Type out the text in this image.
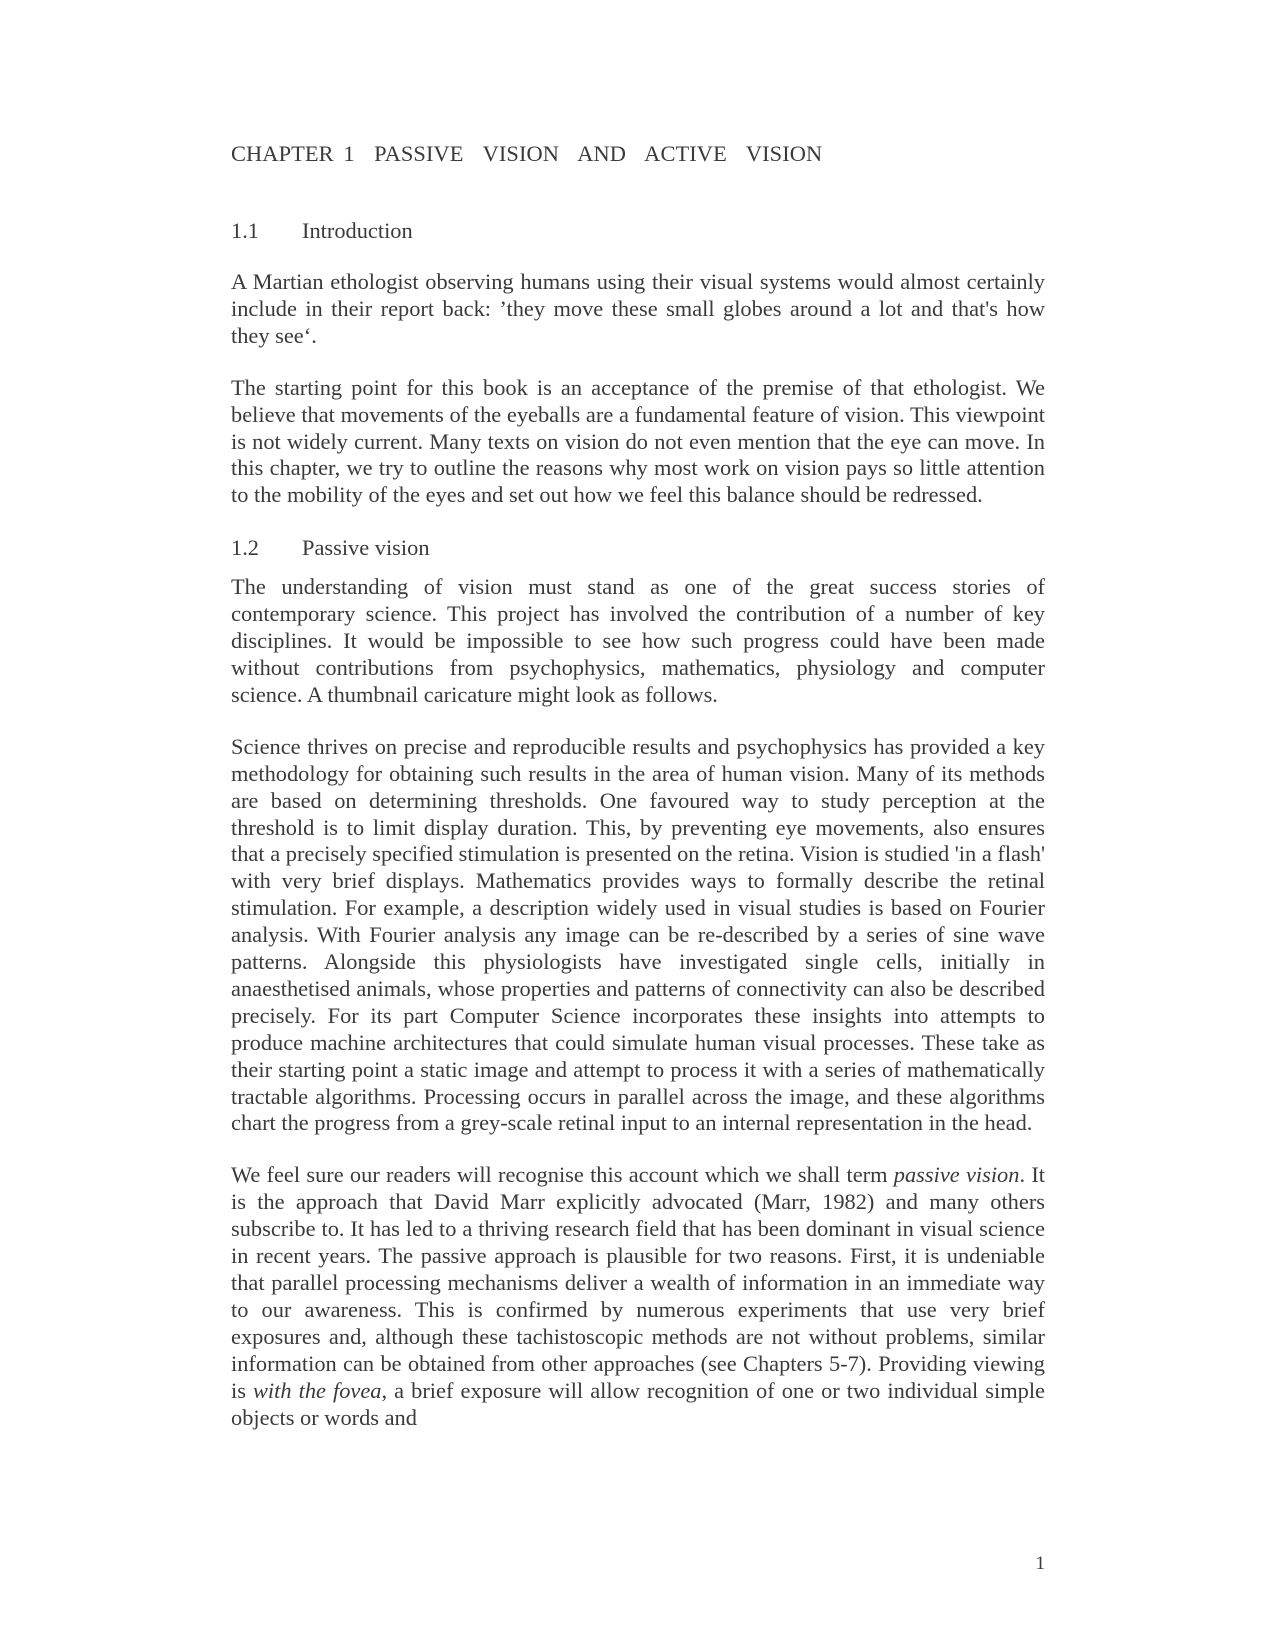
CHAPTER 1  PASSIVE  VISION  AND  ACTIVE  VISION
1.1 Introduction

A Martian ethologist observing humans using their visual systems would almost certainly include in their report back: ’they move these small globes around a lot and that's how they see‘.

The starting point for this book is an acceptance of the premise of that ethologist. We believe that movements of the eyeballs are a fundamental feature of vision. This viewpoint is not widely current. Many texts on vision do not even mention that the eye can move. In this chapter, we try to outline the reasons why most work on vision pays so little attention to the mobility of the eyes and set out how we feel this balance should be redressed.

1.2 Passive vision

The understanding of vision must stand as one of the great success stories of contemporary science. This project has involved the contribution of a number of key disciplines. It would be impossible to see how such progress could have been made without contributions from psychophysics, mathematics, physiology and computer science. A thumbnail caricature might look as follows.

Science thrives on precise and reproducible results and psychophysics has provided a key methodology for obtaining such results in the area of human vision. Many of its methods are based on determining thresholds. One favoured way to study perception at the threshold is to limit display duration. This, by preventing eye movements, also ensures that a precisely specified stimulation is presented on the retina. Vision is studied 'in a flash' with very brief displays. Mathematics provides ways to formally describe the retinal stimulation. For example, a description widely used in visual studies is based on Fourier analysis. With Fourier analysis any image can be re-described by a series of sine wave patterns. Alongside this physiologists have investigated single cells, initially in anaesthetised animals, whose properties and patterns of connectivity can also be described precisely. For its part Computer Science incorporates these insights into attempts to produce machine architectures that could simulate human visual processes. These take as their starting point a static image and attempt to process it with a series of mathematically tractable algorithms. Processing occurs in parallel across the image, and these algorithms chart the progress from a grey-scale retinal input to an internal representation in the head.

We feel sure our readers will recognise this account which we shall term passive vision. It is the approach that David Marr explicitly advocated (Marr, 1982) and many others subscribe to. It has led to a thriving research field that has been dominant in visual science in recent years. The passive approach is plausible for two reasons. First, it is undeniable that parallel processing mechanisms deliver a wealth of information in an immediate way to our awareness. This is confirmed by numerous experiments that use very brief exposures and, although these tachistoscopic methods are not without problems, similar information can be obtained from other approaches (see Chapters 5-7). Providing viewing is with the fovea, a brief exposure will allow recognition of one or two individual simple objects or words and

1
